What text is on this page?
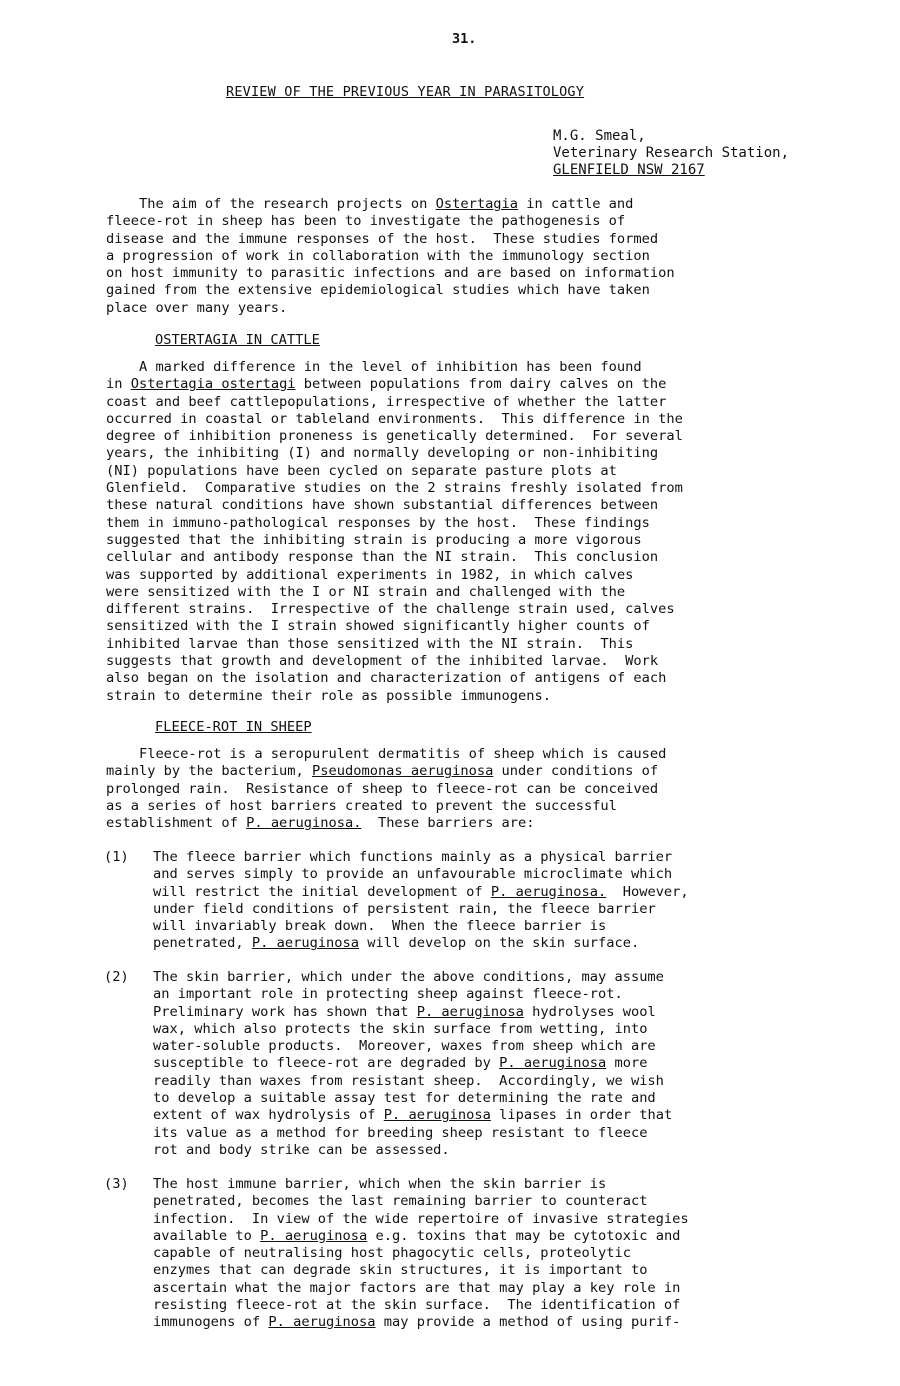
31.
REVIEW OF THE PREVIOUS YEAR IN PARASITOLOGY
M.G. Smeal,
Veterinary Research Station,
GLENFIELD NSW 2167
The aim of the research projects on Ostertagia in cattle and
fleece-rot in sheep has been to investigate the pathogenesis of
disease and the immune responses of the host.  These studies formed
a progression of work in collaboration with the immunology section
on host immunity to parasitic infections and are based on information
gained from the extensive epidemiological studies which have taken
place over many years.
OSTERTAGIA IN CATTLE
A marked difference in the level of inhibition has been found
in Ostertagia ostertagi between populations from dairy calves on the
coast and beef cattlepopulations, irrespective of whether the latter
occurred in coastal or tableland environments.  This difference in the
degree of inhibition proneness is genetically determined.  For several
years, the inhibiting (I) and normally developing or non-inhibiting
(NI) populations have been cycled on separate pasture plots at
Glenfield.  Comparative studies on the 2 strains freshly isolated from
these natural conditions have shown substantial differences between
them in immuno-pathological responses by the host.  These findings
suggested that the inhibiting strain is producing a more vigorous
cellular and antibody response than the NI strain.  This conclusion
was supported by additional experiments in 1982, in which calves
were sensitized with the I or NI strain and challenged with the
different strains.  Irrespective of the challenge strain used, calves
sensitized with the I strain showed significantly higher counts of
inhibited larvae than those sensitized with the NI strain.  This
suggests that growth and development of the inhibited larvae.  Work
also began on the isolation and characterization of antigens of each
strain to determine their role as possible immunogens.
FLEECE-ROT IN SHEEP
Fleece-rot is a seropurulent dermatitis of sheep which is caused
mainly by the bacterium, Pseudomonas aeruginosa under conditions of
prolonged rain.  Resistance of sheep to fleece-rot can be conceived
as a series of host barriers created to prevent the successful
establishment of P. aeruginosa.  These barriers are:
(1) The fleece barrier which functions mainly as a physical barrier
and serves simply to provide an unfavourable microclimate which
will restrict the initial development of P. aeruginosa.  However,
under field conditions of persistent rain, the fleece barrier
will invariably break down.  When the fleece barrier is
penetrated, P. aeruginosa will develop on the skin surface.
(2) The skin barrier, which under the above conditions, may assume
an important role in protecting sheep against fleece-rot.
Preliminary work has shown that P. aeruginosa hydrolyses wool
wax, which also protects the skin surface from wetting, into
water-soluble products.  Moreover, waxes from sheep which are
susceptible to fleece-rot are degraded by P. aeruginosa more
readily than waxes from resistant sheep.  Accordingly, we wish
to develop a suitable assay test for determining the rate and
extent of wax hydrolysis of P. aeruginosa lipases in order that
its value as a method for breeding sheep resistant to fleece
rot and body strike can be assessed.
(3) The host immune barrier, which when the skin barrier is
penetrated, becomes the last remaining barrier to counteract
infection.  In view of the wide repertoire of invasive strategies
available to P. aeruginosa e.g. toxins that may be cytotoxic and
capable of neutralising host phagocytic cells, proteolytic
enzymes that can degrade skin structures, it is important to
ascertain what the major factors are that may play a key role in
resisting fleece-rot at the skin surface.  The identification of
immunogens of P. aeruginosa may provide a method of using purif-
